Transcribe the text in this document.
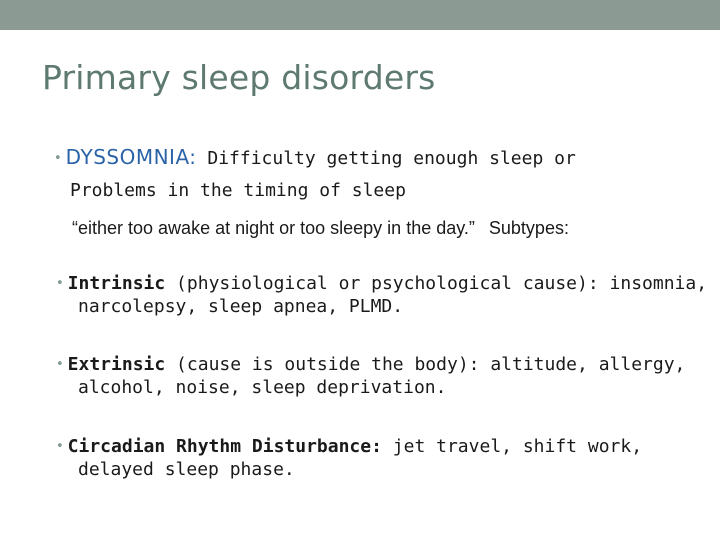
Primary sleep disorders
• DYSSOMNIA: Difficulty getting enough sleep or
Problems in the timing of sleep
“either too awake at night or too sleepy in the day.” Subtypes:
• Intrinsic (physiological or psychological cause): insomnia,
narcolepsy, sleep apnea, PLMD.
• Extrinsic (cause is outside the body): altitude, allergy,
alcohol, noise, sleep deprivation.
• Circadian Rhythm Disturbance: jet travel, shift work,
delayed sleep phase.
